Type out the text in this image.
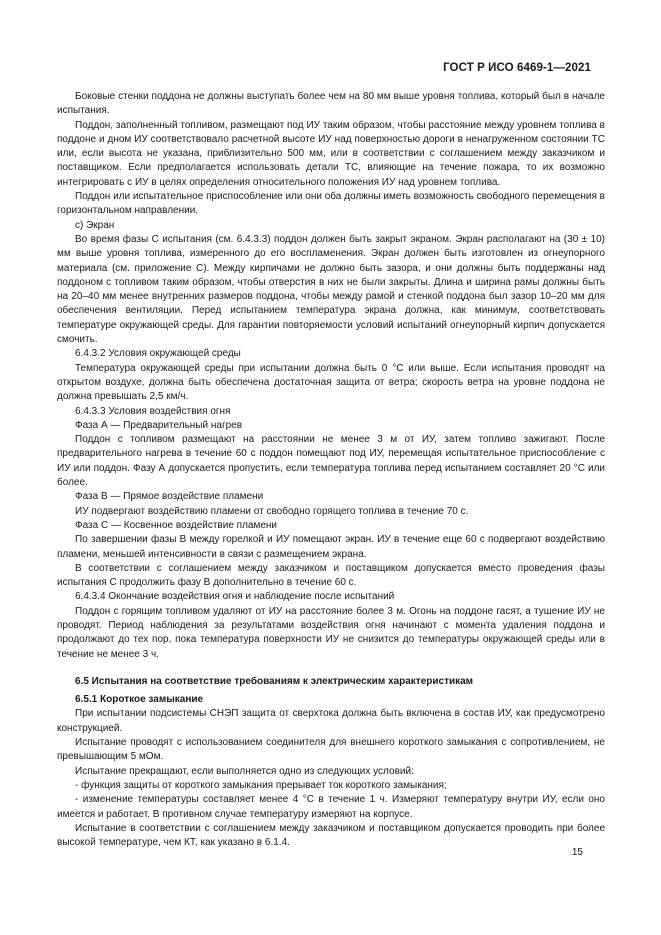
ГОСТ Р ИСО 6469-1—2021

Боковые стенки поддона не должны выступать более чем на 80 мм выше уровня топлива, который был в начале испытания.

Поддон, заполненный топливом, размещают под ИУ таким образом, чтобы расстояние между уровнем топлива в поддоне и дном ИУ соответствовало расчетной высоте ИУ над поверхностью дороги в ненагруженном состоянии ТС или, если высота не указана, приблизительно 500 мм, или в соответствии с соглашением между заказчиком и поставщиком. Если предполагается использовать детали ТС, влияющие на течение пожара, то их возможно интегрировать с ИУ в целях определения относительного положения ИУ над уровнем топлива.

Поддон или испытательное приспособление или они оба должны иметь возможность свободного перемещения в горизонтальном направлении.

c) Экран

Во время фазы С испытания (см. 6.4.3.3) поддон должен быть закрыт экраном. Экран располагают на (30 ± 10) мм выше уровня топлива, измеренного до его воспламенения. Экран должен быть изготовлен из огнеупорного материала (см. приложение С). Между кирпичами не должно быть зазора, и они должны быть поддержаны над поддоном с топливом таким образом, чтобы отверстия в них не были закрыты. Длина и ширина рамы должны быть на 20–40 мм менее внутренних размеров поддона, чтобы между рамой и стенкой поддона был зазор 10–20 мм для обеспечения вентиляции. Перед испытанием температура экрана должна, как минимум, соответствовать температуре окружающей среды. Для гарантии повторяемости условий испытаний огнеупорный кирпич допускается смочить.

6.4.3.2 Условия окружающей среды

Температура окружающей среды при испытании должна быть 0 °C или выше. Если испытания проводят на открытом воздухе, должна быть обеспечена достаточная защита от ветра; скорость ветра на уровне поддона не должна превышать 2,5 км/ч.

6.4.3.3 Условия воздействия огня

Фаза А — Предварительный нагрев

Поддон с топливом размещают на расстоянии не менее 3 м от ИУ, затем топливо зажигают. После предварительного нагрева в течение 60 с поддон помещают под ИУ, перемещая испытательное приспособление с ИУ или поддон. Фазу А допускается пропустить, если температура топлива перед испытанием составляет 20 °C или более.

Фаза В — Прямое воздействие пламени

ИУ подвергают воздействию пламени от свободно горящего топлива в течение 70 с.

Фаза С — Косвенное воздействие пламени

По завершении фазы В между горелкой и ИУ помещают экран. ИУ в течение еще 60 с подвергают воздействию пламени, меньшей интенсивности в связи с размещением экрана.

В соответствии с соглашением между заказчиком и поставщиком допускается вместо проведения фазы испытания С продолжить фазу В дополнительно в течение 60 с.

6.4.3.4 Окончание воздействия огня и наблюдение после испытаний

Поддон с горящим топливом удаляют от ИУ на расстояние более 3 м. Огонь на поддоне гасят, а тушение ИУ не проводят. Период наблюдения за результатами воздействия огня начинают с момента удаления поддона и продолжают до тех пор, пока температура поверхности ИУ не снизится до температуры окружающей среды или в течение не менее 3 ч.

6.5 Испытания на соответствие требованиям к электрическим характеристикам

6.5.1 Короткое замыкание

При испытании подсистемы СНЭП защита от сверхтока должна быть включена в состав ИУ, как предусмотрено конструкцией.

Испытание проводят с использованием соединителя для внешнего короткого замыкания с сопротивлением, не превышающим 5 мОм.

Испытание прекращают, если выполняется одно из следующих условий:

- функция защиты от короткого замыкания прерывает ток короткого замыкания;

- изменение температуры составляет менее 4 °C в течение 1 ч. Измеряют температуру внутри ИУ, если оно имеется и работает. В противном случае температуру измеряют на корпусе.

Испытание в соответствии с соглашением между заказчиком и поставщиком допускается проводить при более высокой температуре, чем КТ, как указано в 6.1.4.

15
